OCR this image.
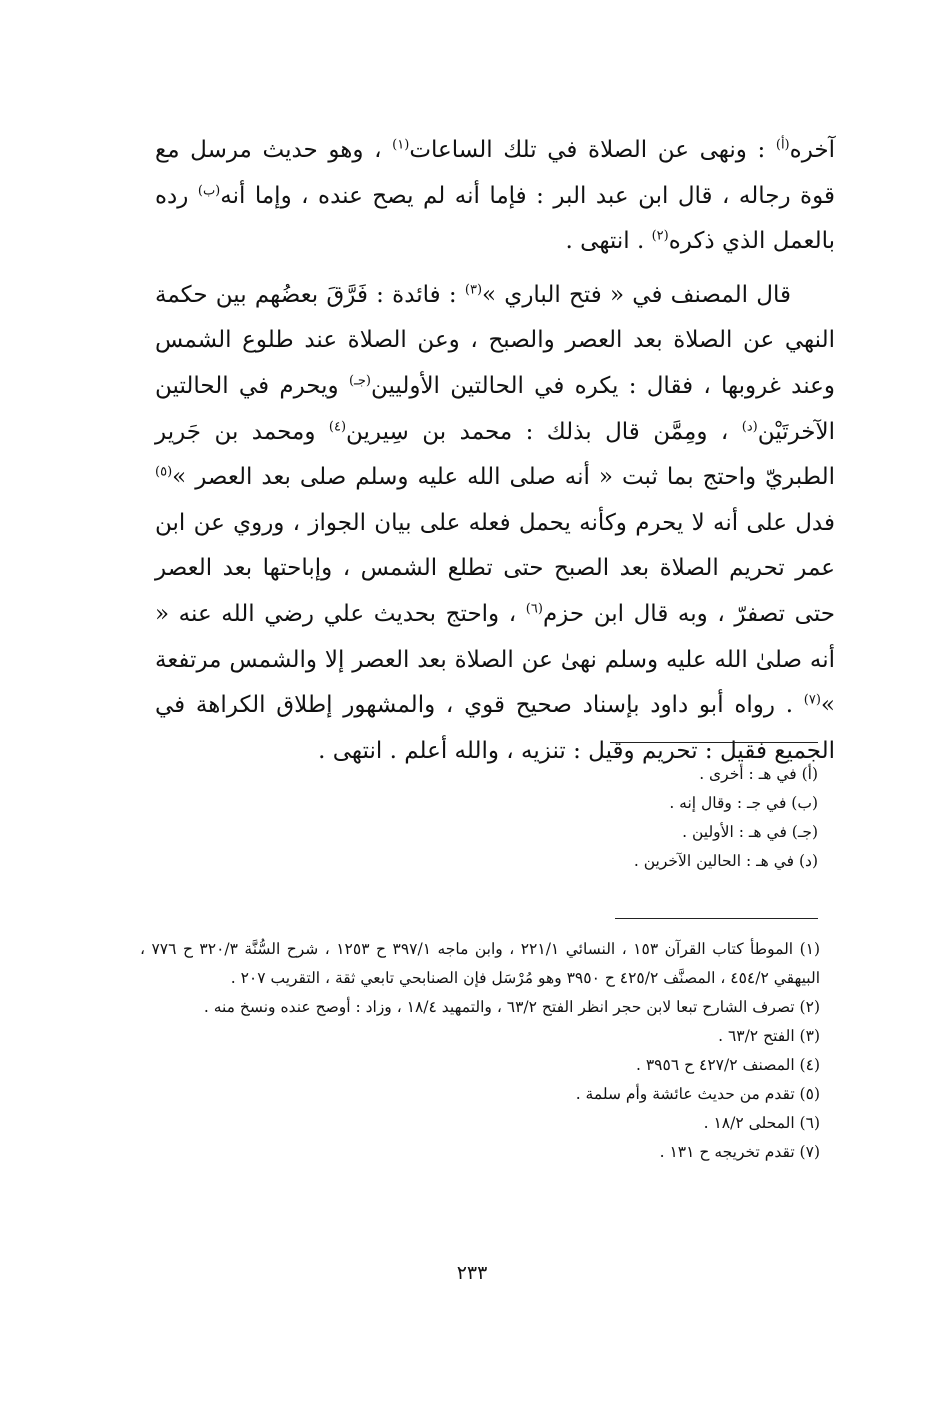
آخره$^{(أ)}$ : ونهى عن الصلاة في تلك الساعات$^{(١)}$ ، وهو حديث مرسل مع قوة رجاله ، قال ابن عبد البر : فإما أنه لم يصح عنده ، وإما أنه$^{(ب)}$ رده بالعمل الذي ذكره$^{(٢)}$ . انتهى .

قال المصنف في « فتح الباري »$^{(٣)}$ : فائدة : فَرَّقَ بعضُهم بين حكمة النهي عن الصلاة بعد العصر والصبح ، وعن الصلاة عند طلوع الشمس وعند غروبها ، فقال : يكره في الحالتين الأوليين$^{(جـ)}$ ويحرم في الحالتين الآخرتَيْن$^{(د)}$ ، ومِمَّن قال بذلك : محمد بن سِيرين$^{(٤)}$ ومحمد بن جَرير الطبريّ واحتج بما ثبت « أنه صلى الله عليه وسلم صلى بعد العصر »$^{(٥)}$ فدل على أنه لا يحرم وكأنه يحمل فعله على بيان الجواز ، وروي عن ابن عمر تحريم الصلاة بعد الصبح حتى تطلع الشمس ، وإباحتها بعد العصر حتى تصفرّ ، وبه قال ابن حزم$^{(٦)}$ ، واحتج بحديث علي رضي الله عنه « أنه صلىٰ الله عليه وسلم نهىٰ عن الصلاة بعد العصر إلا والشمس مرتفعة »$^{(٧)}$ . رواه أبو داود بإسناد صحيح قوي ، والمشهور إطلاق الكراهة في الجميع فقيل : تحريم وقيل : تنزيه ، والله أعلم . انتهى .

(أ) في هـ : أخرى .
(ب) في جـ : وقال إنه .
(جـ) في هـ : الأولين .
(د) في هـ : الحالين الآخرين .
(١) الموطأ كتاب القرآن ١٥٣ ، النسائي ٢٢١/١ ، وابن ماجه ٣٩٧/١ ح ١٢٥٣ ، شرح السُّنَّة ٣٢٠/٣ ح ٧٧٦ ، البيهقي ٤٥٤/٢ ، المصنَّف ٤٢٥/٢ ح ٣٩٥٠ وهو مُرْسَل فإن الصنابحي تابعي ثقة ، التقريب ٢٠٧ .
(٢) تصرف الشارح تبعا لابن حجر انظر الفتح ٦٣/٢ ، والتمهيد ١٨/٤ ، وزاد : أوصح عنده ونسخ منه .
(٣) الفتح ٦٣/٢ .
(٤) المصنف ٤٢٧/٢ ح ٣٩٥٦ .
(٥) تقدم من حديث عائشة وأم سلمة .
(٦) المحلى ١٨/٢ .
(٧) تقدم تخريجه ح ١٣١ .
٢٣٣
